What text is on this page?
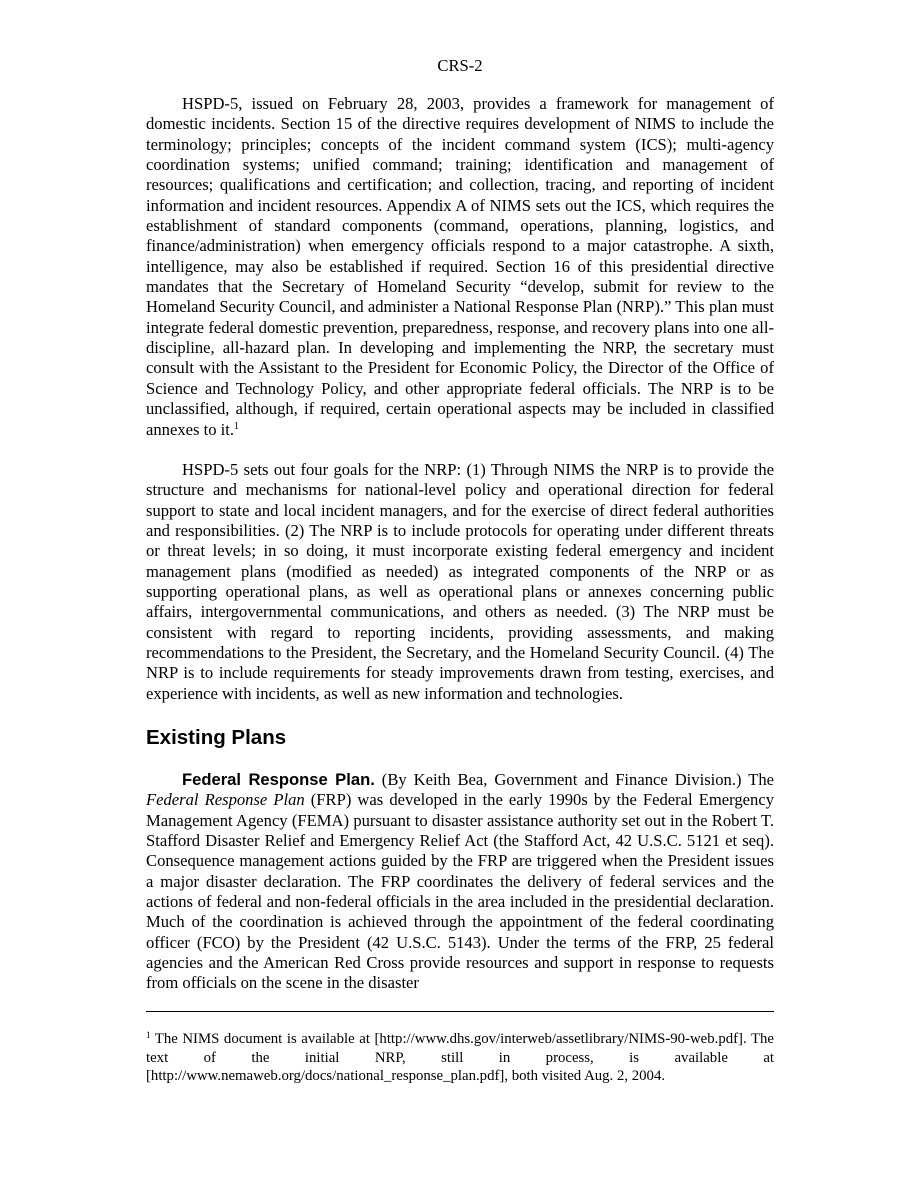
CRS-2

HSPD-5, issued on February 28, 2003, provides a framework for management of domestic incidents. Section 15 of the directive requires development of NIMS to include the terminology; principles; concepts of the incident command system (ICS); multi-agency coordination systems; unified command; training; identification and management of resources; qualifications and certification; and collection, tracing, and reporting of incident information and incident resources. Appendix A of NIMS sets out the ICS, which requires the establishment of standard components (command, operations, planning, logistics, and finance/administration) when emergency officials respond to a major catastrophe. A sixth, intelligence, may also be established if required. Section 16 of this presidential directive mandates that the Secretary of Homeland Security “develop, submit for review to the Homeland Security Council, and administer a National Response Plan (NRP).” This plan must integrate federal domestic prevention, preparedness, response, and recovery plans into one all-discipline, all-hazard plan. In developing and implementing the NRP, the secretary must consult with the Assistant to the President for Economic Policy, the Director of the Office of Science and Technology Policy, and other appropriate federal officials. The NRP is to be unclassified, although, if required, certain operational aspects may be included in classified annexes to it.$^1$

HSPD-5 sets out four goals for the NRP: (1) Through NIMS the NRP is to provide the structure and mechanisms for national-level policy and operational direction for federal support to state and local incident managers, and for the exercise of direct federal authorities and responsibilities. (2) The NRP is to include protocols for operating under different threats or threat levels; in so doing, it must incorporate existing federal emergency and incident management plans (modified as needed) as integrated components of the NRP or as supporting operational plans, as well as operational plans or annexes concerning public affairs, intergovernmental communications, and others as needed. (3) The NRP must be consistent with regard to reporting incidents, providing assessments, and making recommendations to the President, the Secretary, and the Homeland Security Council. (4) The NRP is to include requirements for steady improvements drawn from testing, exercises, and experience with incidents, as well as new information and technologies.

Existing Plans

Federal Response Plan. (By Keith Bea, Government and Finance Division.) The Federal Response Plan (FRP) was developed in the early 1990s by the Federal Emergency Management Agency (FEMA) pursuant to disaster assistance authority set out in the Robert T. Stafford Disaster Relief and Emergency Relief Act (the Stafford Act, 42 U.S.C. 5121 et seq). Consequence management actions guided by the FRP are triggered when the President issues a major disaster declaration. The FRP coordinates the delivery of federal services and the actions of federal and non-federal officials in the area included in the presidential declaration. Much of the coordination is achieved through the appointment of the federal coordinating officer (FCO) by the President (42 U.S.C. 5143). Under the terms of the FRP, 25 federal agencies and the American Red Cross provide resources and support in response to requests from officials on the scene in the disaster

$^1$ The NIMS document is available at [http://www.dhs.gov/interweb/assetlibrary/NIMS-90-web.pdf]. The text of the initial NRP, still in process, is available at [http://www.nemaweb.org/docs/national_response_plan.pdf], both visited Aug. 2, 2004.
